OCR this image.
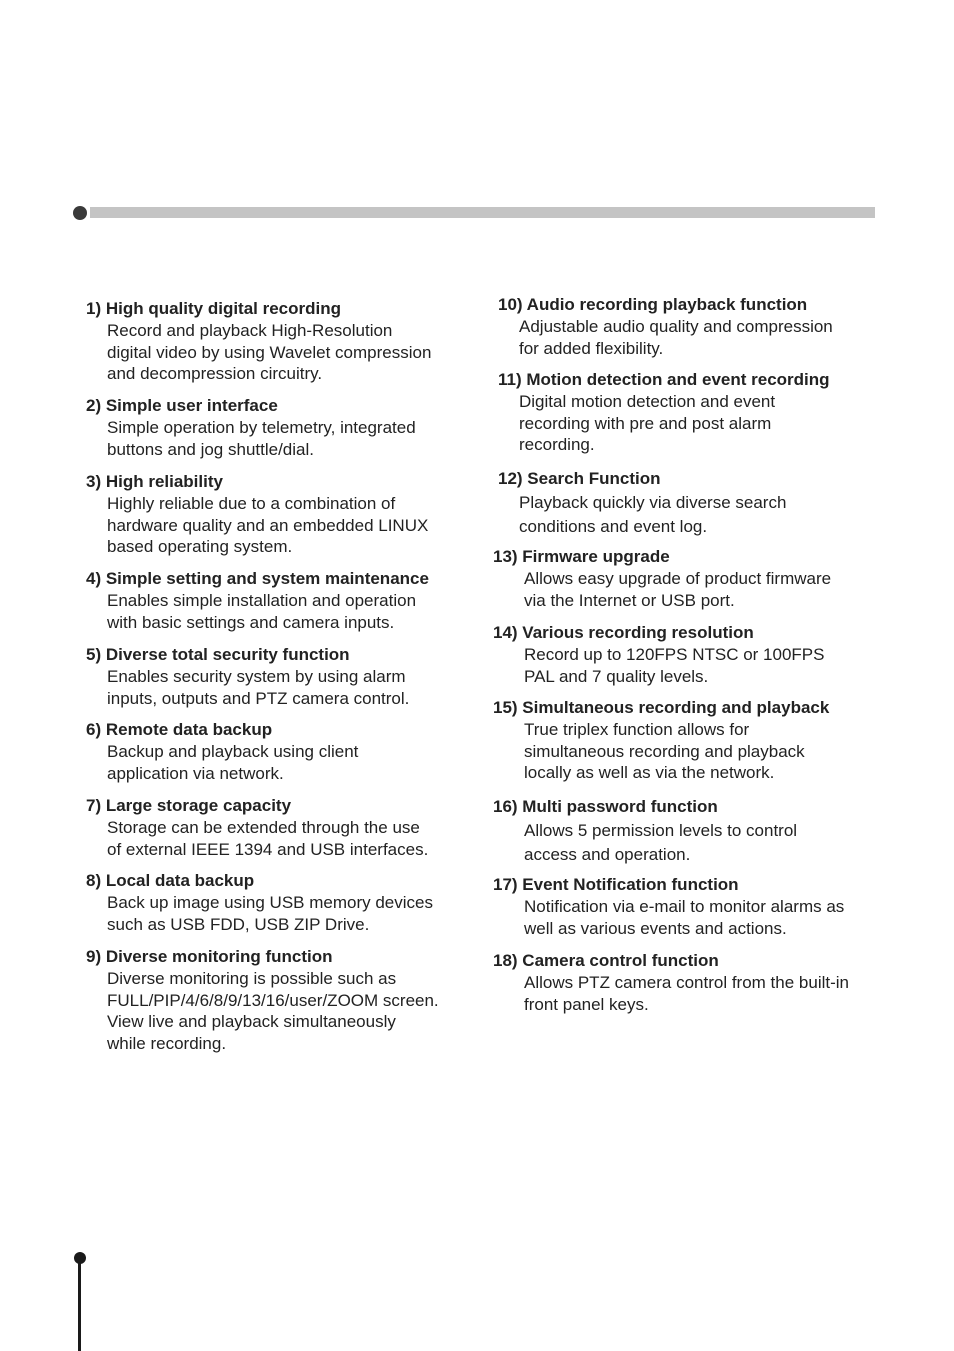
1) High quality digital recording
Record and playback High-Resolution
digital video by using Wavelet compression
and decompression circuitry.
2) Simple user interface
Simple operation by telemetry, integrated
buttons and jog shuttle/dial.
3) High reliability
Highly reliable due to a combination of
hardware quality and an embedded LINUX
based operating system.
4) Simple setting and system maintenance
Enables simple installation and operation
with basic settings and camera inputs.
5) Diverse total security function
Enables security system by using alarm
inputs, outputs and PTZ camera control.
6) Remote data backup
Backup and playback using client
application via network.
7) Large storage capacity
Storage can be extended through the use
of external IEEE 1394 and USB interfaces.
8) Local data backup
Back up image using USB memory devices
such as USB FDD, USB ZIP Drive.
9) Diverse monitoring function
Diverse monitoring is possible such as
FULL/PIP/4/6/8/9/13/16/user/ZOOM screen.
View live and playback simultaneously
while recording.
10) Audio recording playback function
Adjustable audio quality and compression
for added flexibility.
11) Motion detection and event recording
Digital motion detection and event
recording with pre and post alarm
recording.
12) Search Function
Playback quickly via diverse search
conditions and event log.
13) Firmware upgrade
Allows easy upgrade of product firmware
via the Internet or USB port.
14) Various recording resolution
Record up to 120FPS NTSC or 100FPS
PAL and 7 quality levels.
15) Simultaneous recording and playback
True triplex function allows for
simultaneous recording and playback
locally as well as via the network.
16) Multi password function
Allows 5 permission levels to control
access and operation.
17) Event Notification function
Notification via e-mail to monitor alarms as
well as various events and actions.
18) Camera control function
Allows PTZ camera control from the built-in
front panel keys.
